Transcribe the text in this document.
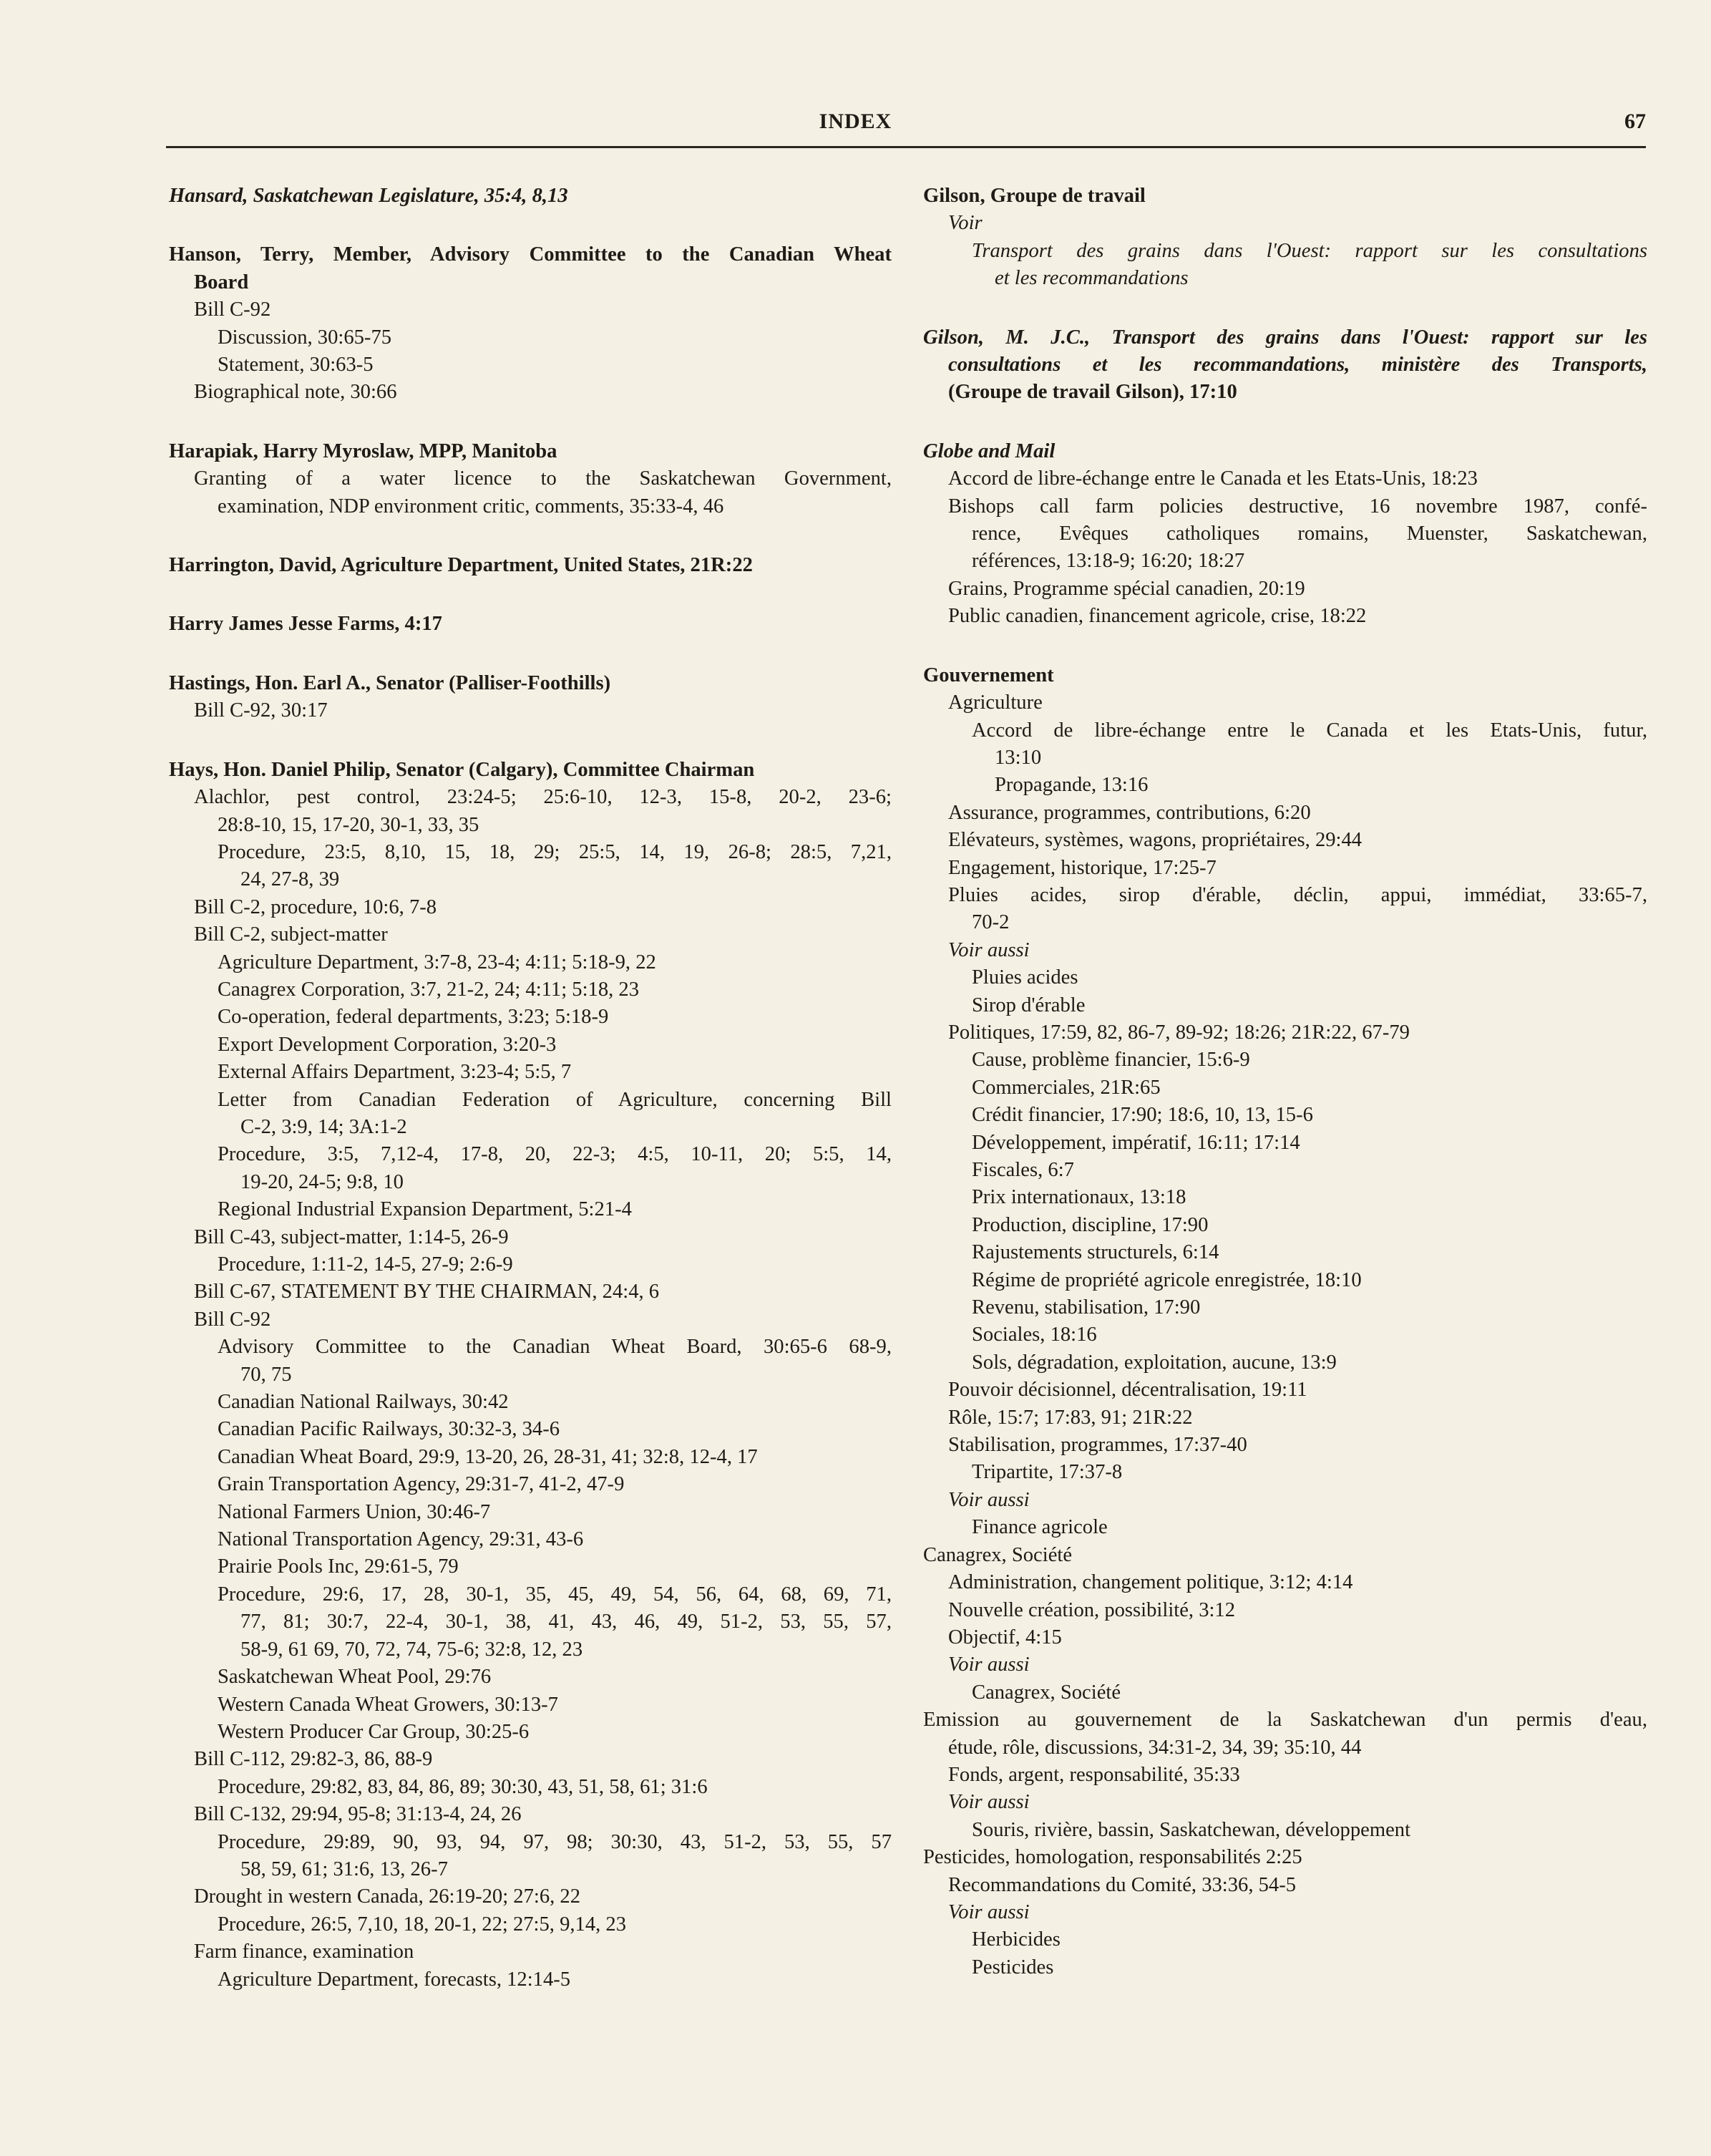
INDEX	67
Hansard, Saskatchewan Legislature, 35:4, 8,13
Hanson, Terry, Member, Advisory Committee to the Canadian Wheat
Board
Bill C-92
Discussion, 30:65-75
Statement, 30:63-5
Biographical note, 30:66
Harapiak, Harry Myroslaw, MPP, Manitoba
Granting of a water licence to the Saskatchewan Government,
examination, NDP environment critic, comments, 35:33-4, 46
Harrington, David, Agriculture Department, United States, 21R:22
Harry James Jesse Farms, 4:17
Hastings, Hon. Earl A., Senator (Palliser-Foothills)
Bill C-92, 30:17
Hays, Hon. Daniel Philip, Senator (Calgary), Committee Chairman
Alachlor, pest control, 23:24-5; 25:6-10, 12-3, 15-8, 20-2, 23-6;
28:8-10, 15, 17-20, 30-1, 33, 35
Procedure, 23:5, 8,10, 15, 18, 29; 25:5, 14, 19, 26-8; 28:5, 7,21,
24, 27-8, 39
Bill C-2, procedure, 10:6, 7-8
Bill C-2, subject-matter
Agriculture Department, 3:7-8, 23-4; 4:11; 5:18-9, 22
Canagrex Corporation, 3:7, 21-2, 24; 4:11; 5:18, 23
Co-operation, federal departments, 3:23; 5:18-9
Export Development Corporation, 3:20-3
External Affairs Department, 3:23-4; 5:5, 7
Letter from Canadian Federation of Agriculture, concerning Bill
C-2, 3:9, 14; 3A:1-2
Procedure, 3:5, 7,12-4, 17-8, 20, 22-3; 4:5, 10-11, 20; 5:5, 14,
19-20, 24-5; 9:8, 10
Regional Industrial Expansion Department, 5:21-4
Bill C-43, subject-matter, 1:14-5, 26-9
Procedure, 1:11-2, 14-5, 27-9; 2:6-9
Bill C-67, STATEMENT BY THE CHAIRMAN, 24:4, 6
Bill C-92
Advisory Committee to the Canadian Wheat Board, 30:65-6 68-9,
70, 75
Canadian National Railways, 30:42
Canadian Pacific Railways, 30:32-3, 34-6
Canadian Wheat Board, 29:9, 13-20, 26, 28-31, 41; 32:8, 12-4, 17
Grain Transportation Agency, 29:31-7, 41-2, 47-9
National Farmers Union, 30:46-7
National Transportation Agency, 29:31, 43-6
Prairie Pools Inc, 29:61-5, 79
Procedure, 29:6, 17, 28, 30-1, 35, 45, 49, 54, 56, 64, 68, 69, 71,
77, 81; 30:7, 22-4, 30-1, 38, 41, 43, 46, 49, 51-2, 53, 55, 57,
58-9, 61 69, 70, 72, 74, 75-6; 32:8, 12, 23
Saskatchewan Wheat Pool, 29:76
Western Canada Wheat Growers, 30:13-7
Western Producer Car Group, 30:25-6
Bill C-112, 29:82-3, 86, 88-9
Procedure, 29:82, 83, 84, 86, 89; 30:30, 43, 51, 58, 61; 31:6
Bill C-132, 29:94, 95-8; 31:13-4, 24, 26
Procedure, 29:89, 90, 93, 94, 97, 98; 30:30, 43, 51-2, 53, 55, 57
58, 59, 61; 31:6, 13, 26-7
Drought in western Canada, 26:19-20; 27:6, 22
Procedure, 26:5, 7,10, 18, 20-1, 22; 27:5, 9,14, 23
Farm finance, examination
Agriculture Department, forecasts, 12:14-5
Gilson, Groupe de travail
Voir
Transport des grains dans l'Ouest: rapport sur les consultations
et les recommandations
Gilson, M. J.C., Transport des grains dans l'Ouest: rapport sur les
consultations et les recommandations, ministère des Transports,
(Groupe de travail Gilson), 17:10
Globe and Mail
Accord de libre-échange entre le Canada et les Etats-Unis, 18:23
Bishops call farm policies destructive, 16 novembre 1987, confé-
rence, Evêques catholiques romains, Muenster, Saskatchewan,
références, 13:18-9; 16:20; 18:27
Grains, Programme spécial canadien, 20:19
Public canadien, financement agricole, crise, 18:22
Gouvernement
Agriculture
Accord de libre-échange entre le Canada et les Etats-Unis, futur,
13:10
Propagande, 13:16
Assurance, programmes, contributions, 6:20
Elévateurs, systèmes, wagons, propriétaires, 29:44
Engagement, historique, 17:25-7
Pluies acides, sirop d'érable, déclin, appui, immédiat, 33:65-7,
70-2
Voir aussi
Pluies acides
Sirop d'érable
Politiques, 17:59, 82, 86-7, 89-92; 18:26; 21R:22, 67-79
Cause, problème financier, 15:6-9
Commerciales, 21R:65
Crédit financier, 17:90; 18:6, 10, 13, 15-6
Développement, impératif, 16:11; 17:14
Fiscales, 6:7
Prix internationaux, 13:18
Production, discipline, 17:90
Rajustements structurels, 6:14
Régime de propriété agricole enregistrée, 18:10
Revenu, stabilisation, 17:90
Sociales, 18:16
Sols, dégradation, exploitation, aucune, 13:9
Pouvoir décisionnel, décentralisation, 19:11
Rôle, 15:7; 17:83, 91; 21R:22
Stabilisation, programmes, 17:37-40
Tripartite, 17:37-8
Voir aussi
Finance agricole
Canagrex, Société
Administration, changement politique, 3:12; 4:14
Nouvelle création, possibilité, 3:12
Objectif, 4:15
Voir aussi
Canagrex, Société
Emission au gouvernement de la Saskatchewan d'un permis d'eau,
étude, rôle, discussions, 34:31-2, 34, 39; 35:10, 44
Fonds, argent, responsabilité, 35:33
Voir aussi
Souris, rivière, bassin, Saskatchewan, développement
Pesticides, homologation, responsabilités 2:25
Recommandations du Comité, 33:36, 54-5
Voir aussi
Herbicides
Pesticides
